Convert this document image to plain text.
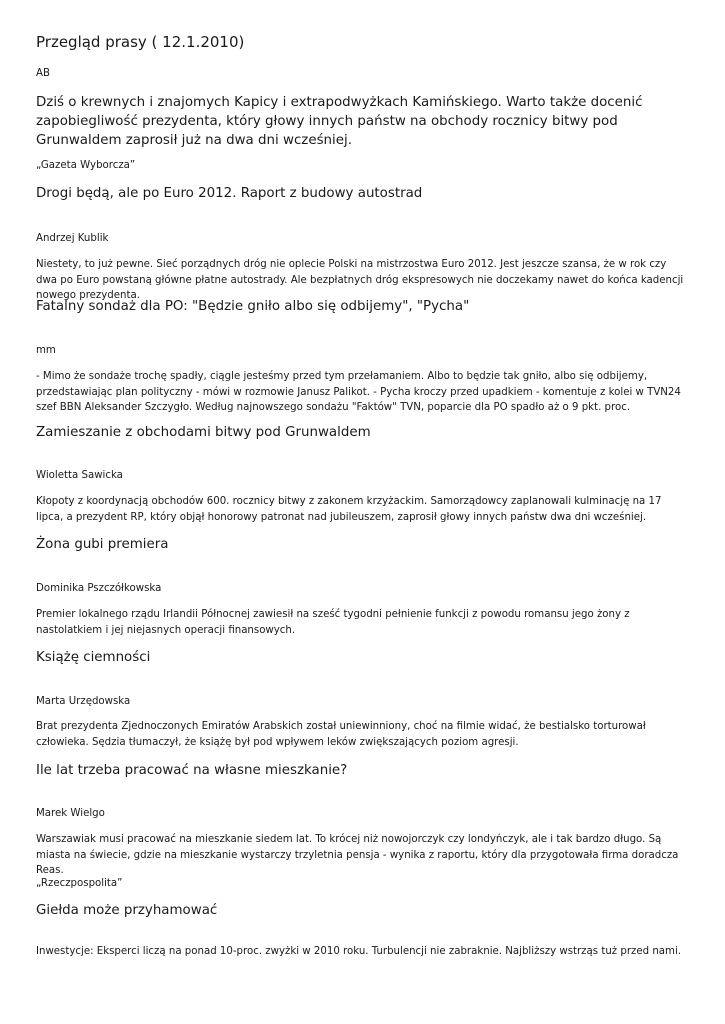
Przegląd prasy ( 12.1.2010)

AB

Dziś o krewnych i znajomych Kapicy i extrapodwyżkach Kamińskiego. Warto także docenić zapobiegliwość prezydenta, który głowy innych państw na obchody rocznicy bitwy pod Grunwaldem zaprosił już na dwa dni wcześniej.

„Gazeta Wyborcza”

Drogi będą, ale po Euro 2012. Raport z budowy autostrad

Andrzej Kublik

Niestety, to już pewne. Sieć porządnych dróg nie oplecie Polski na mistrzostwa Euro 2012. Jest jeszcze szansa, że w rok czy dwa po Euro powstaną główne płatne autostrady. Ale bezpłatnych dróg ekspresowych nie doczekamy nawet do końca kadencji nowego prezydenta.

Fatalny sondaż dla PO: "Będzie gniło albo się odbijemy", "Pycha"

mm

- Mimo że sondaże trochę spadły, ciągle jesteśmy przed tym przełamaniem. Albo to będzie tak gniło, albo się odbijemy, przedstawiając plan polityczny - mówi w rozmowie Janusz Palikot. - Pycha kroczy przed upadkiem - komentuje z kolei w TVN24 szef BBN Aleksander Szczygło. Według najnowszego sondażu "Faktów" TVN, poparcie dla PO spadło aż o 9 pkt. proc.

Zamieszanie z obchodami bitwy pod Grunwaldem

Wioletta Sawicka

Kłopoty z koordynacją obchodów 600. rocznicy bitwy z zakonem krzyżackim. Samorządowcy zaplanowali kulminację na 17 lipca, a prezydent RP, który objął honorowy patronat nad jubileuszem, zaprosił głowy innych państw dwa dni wcześniej.

Żona gubi premiera

Dominika Pszczółkowska

Premier lokalnego rządu Irlandii Północnej zawiesił na sześć tygodni pełnienie funkcji z powodu romansu jego żony z nastolatkiem i jej niejasnych operacji finansowych.

Książę ciemności

Marta Urzędowska

Brat prezydenta Zjednoczonych Emiratów Arabskich został uniewinniony, choć na filmie widać, że bestialsko torturował człowieka. Sędzia tłumaczył, że książę był pod wpływem leków zwiększających poziom agresji.

Ile lat trzeba pracować na własne mieszkanie?

Marek Wielgo

Warszawiak musi pracować na mieszkanie siedem lat. To krócej niż nowojorczyk czy londyńczyk, ale i tak bardzo długo. Są miasta na świecie, gdzie na mieszkanie wystarczy trzyletnia pensja - wynika z raportu, który dla przygotowała firma doradcza Reas.

„Rzeczpospolita”

Giełda może przyhamować

Inwestycje: Eksperci liczą na ponad 10-proc. zwyżki w 2010 roku. Turbulencji nie zabraknie. Najbliższy wstrząs tuż przed nami.
